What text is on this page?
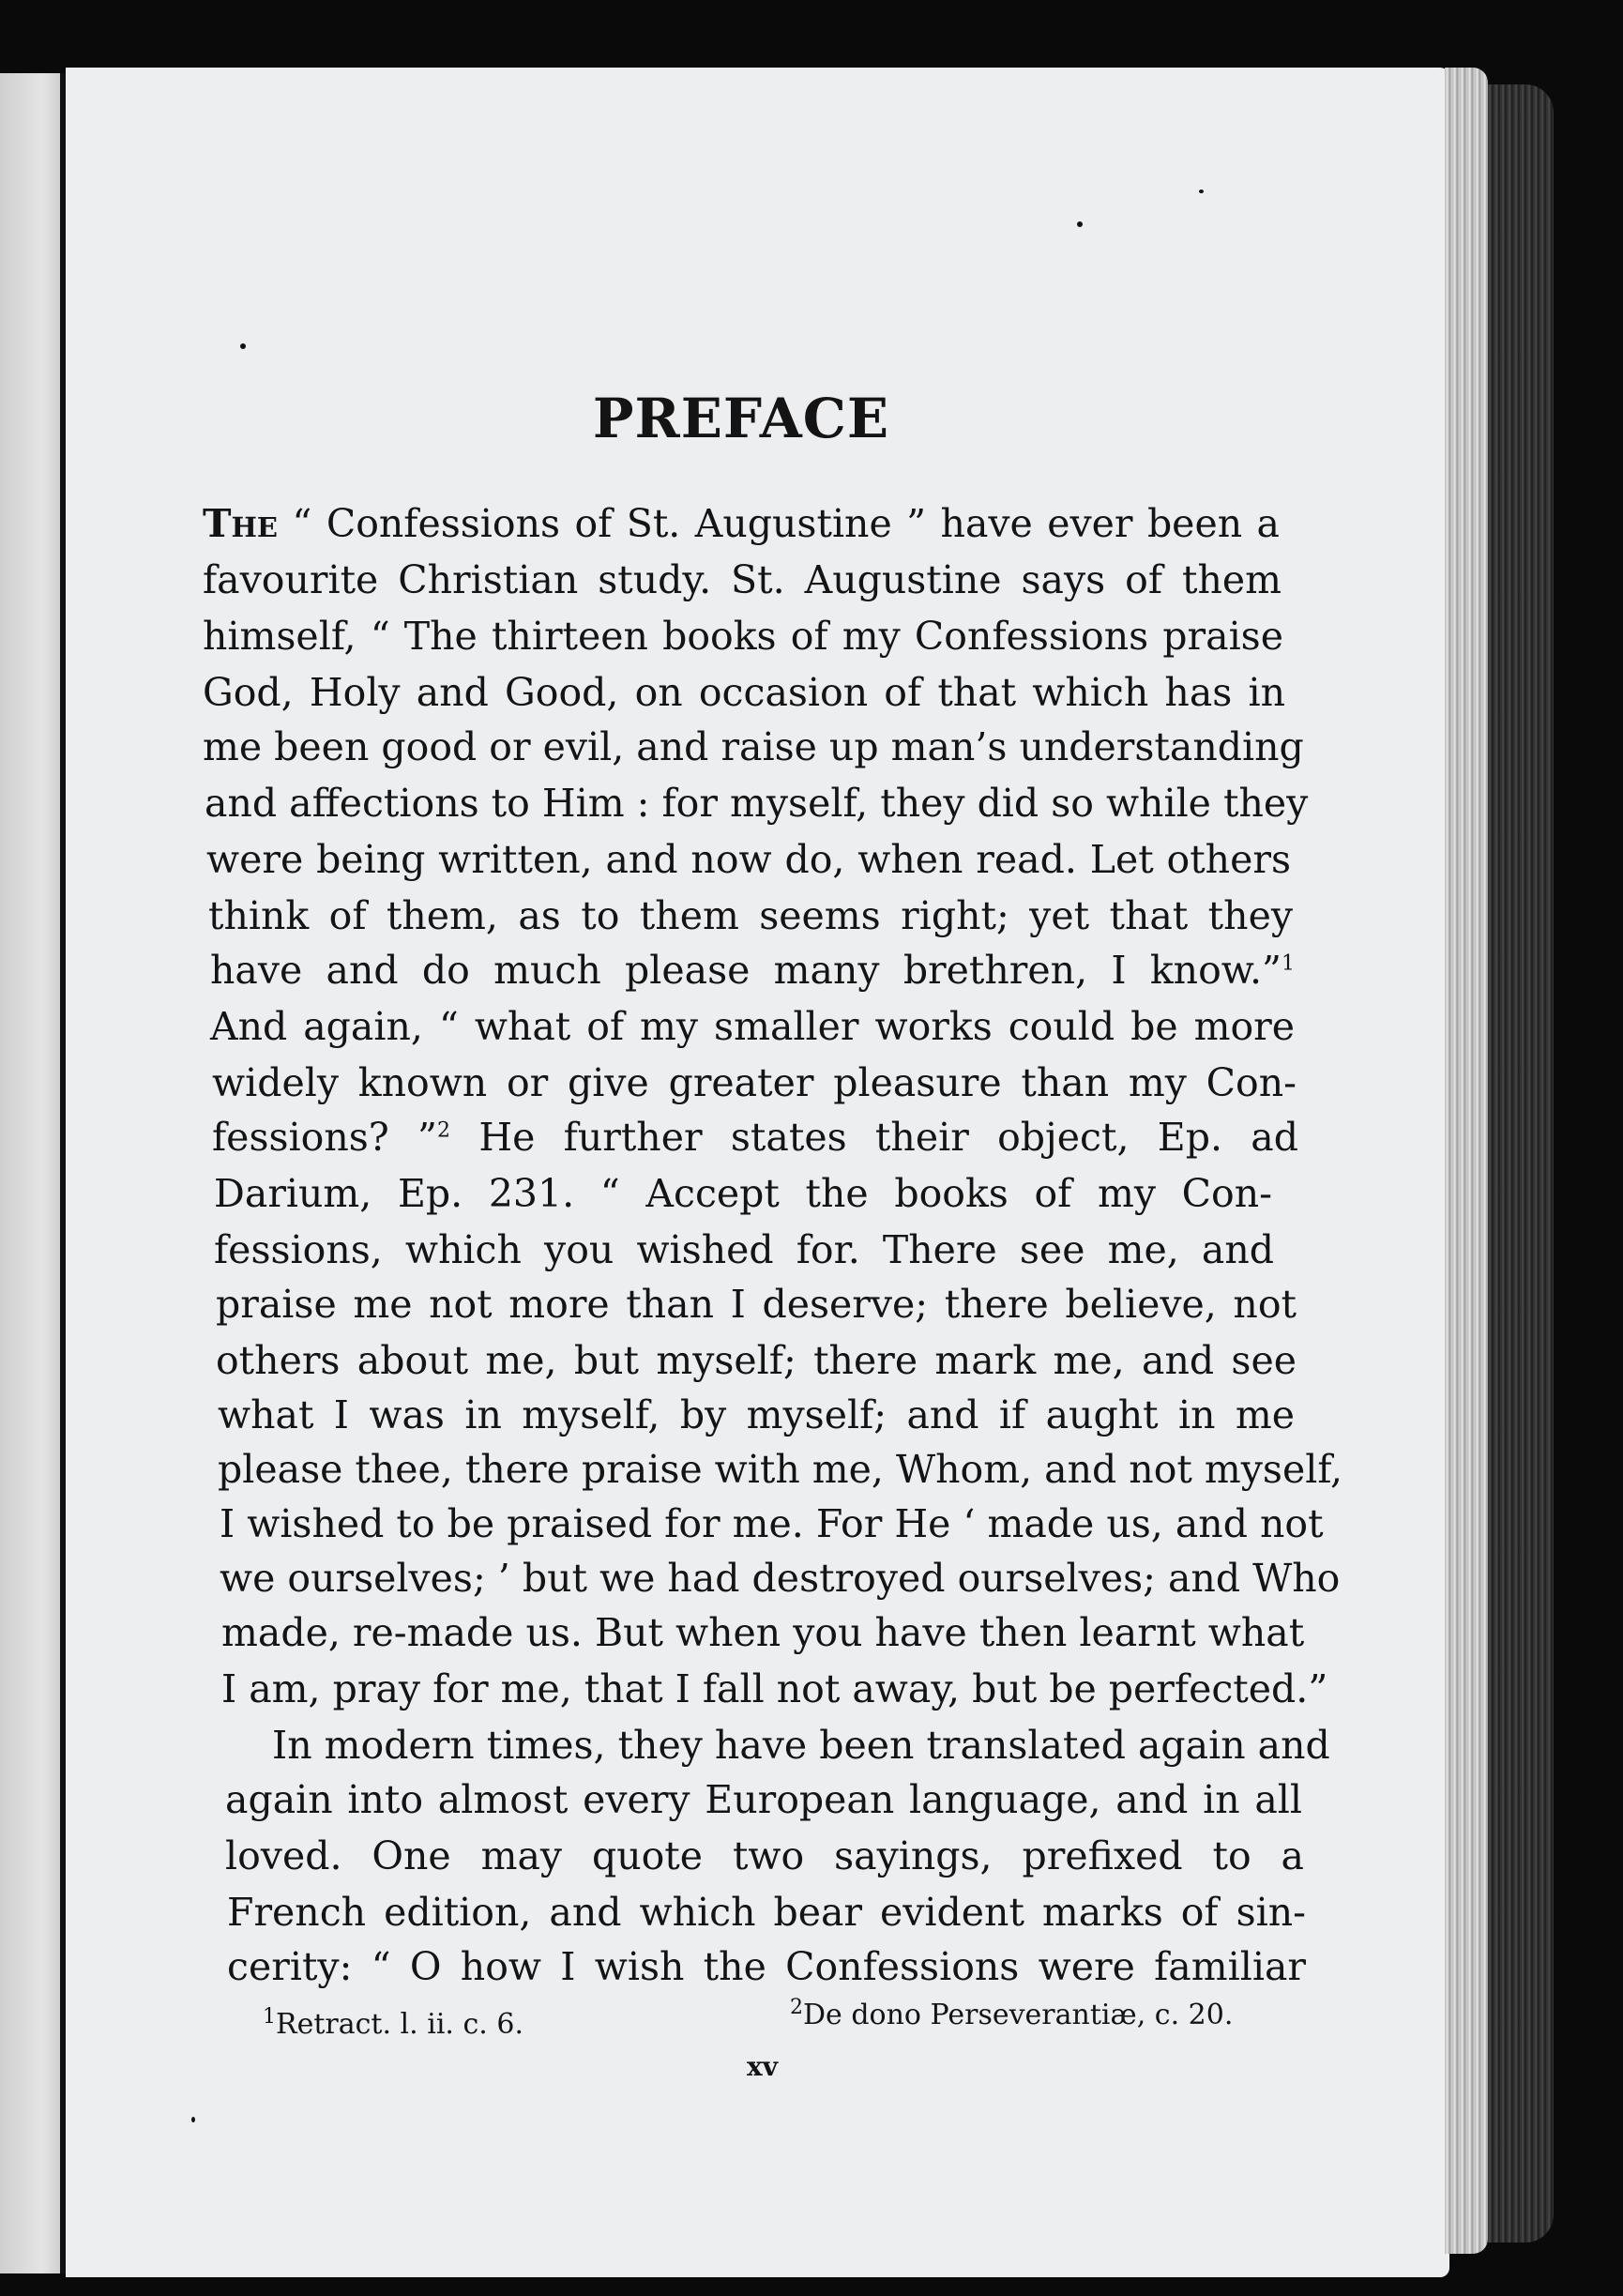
PREFACE

The “ Confessions of St. Augustine ” have ever been a

favourite Christian study. St. Augustine says of them

himself, “ The thirteen books of my Confessions praise

God, Holy and Good, on occasion of that which has in

me been good or evil, and raise up man’s understanding

and affections to Him : for myself, they did so while they

were being written, and now do, when read. Let others

think of them, as to them seems right; yet that they

have and do much please many brethren, I know.”$^1$

And again, “ what of my smaller works could be more

widely known or give greater pleasure than my Con-

fessions? ”$^2$ He further states their object, Ep. ad

Darium, Ep. 231. “ Accept the books of my Con-

fessions, which you wished for. There see me, and

praise me not more than I deserve; there believe, not

others about me, but myself; there mark me, and see

what I was in myself, by myself; and if aught in me

please thee, there praise with me, Whom, and not myself,

I wished to be praised for me. For He ‘ made us, and not

we ourselves; ’ but we had destroyed ourselves; and Who

made, re-made us. But when you have then learnt what

I am, pray for me, that I fall not away, but be perfected.”

In modern times, they have been translated again and

again into almost every European language, and in all

loved. One may quote two sayings, prefixed to a

French edition, and which bear evident marks of sin-

cerity: “ O how I wish the Confessions were familiar

$^1$Retract. l. ii. c. 6.

$^2$De dono Perseverantiæ, c. 20.

xv
